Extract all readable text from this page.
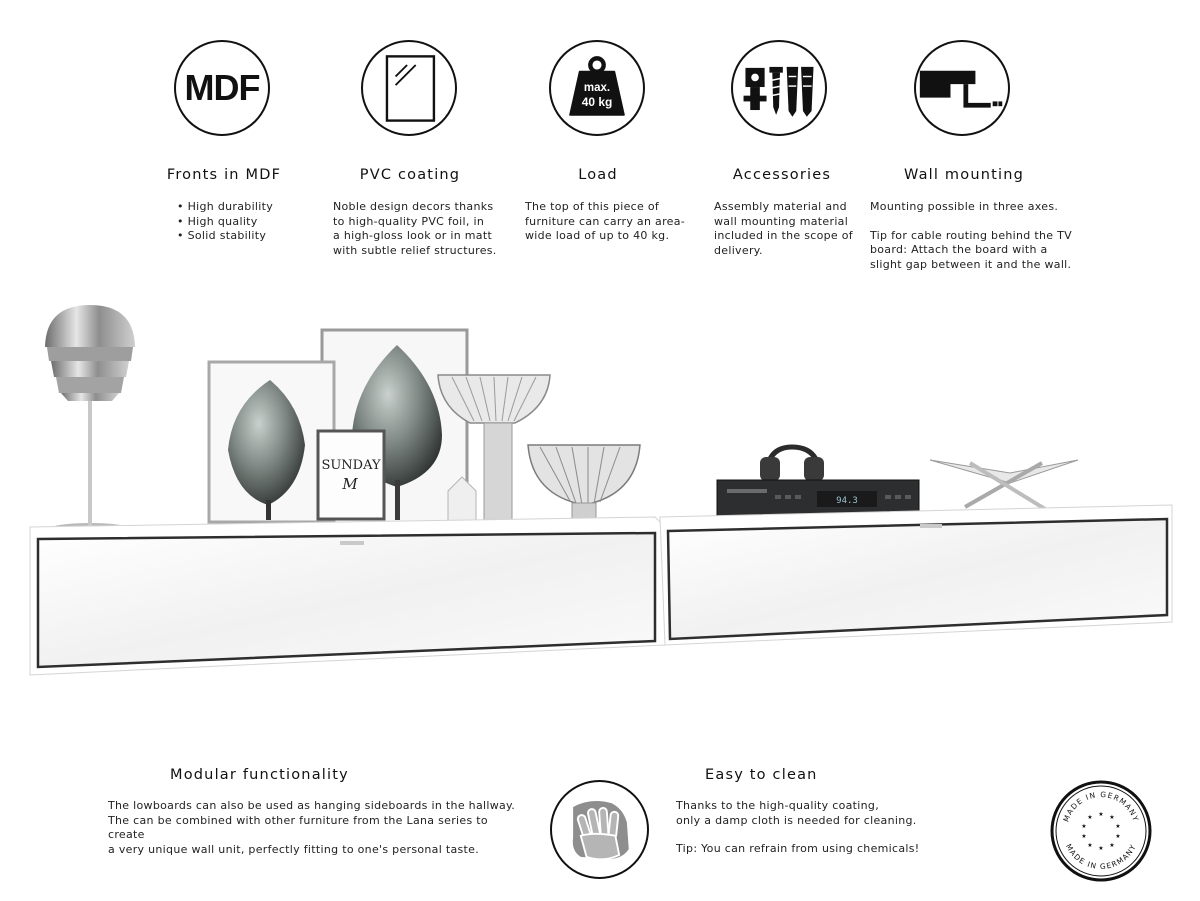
MDF
Fronts in MDF
• High durability
• High quality
• Solid stability
PVC coating
Noble design decors thanks
to high-quality PVC foil, in
a high-gloss look or in matt
with subtle relief structures.
max.
40 kg
Load
The top of this piece of
furniture can carry an area-
wide load of up to 40 kg.
Accessories
Assembly material and
wall mounting material
included in the scope of
delivery.
Wall mounting

Mounting possible in three axes.

Tip for cable routing behind the TV
board: Attach the board with a
slight gap between it and the wall.
SUNDAY
M
94.3
Modular functionality
The lowboards can also be used as hanging sideboards in the hallway.
The can be combined with other furniture from the Lana series to create
a very unique wall unit, perfectly fitting to one's personal taste.
Easy to clean
Thanks to the high-quality coating,
only a damp cloth is needed for cleaning.
Tip: You can refrain from using chemicals!
MADE IN GERMANY
MADE IN GERMANY
★ ★
★
★
★
★
★
★
★
★
